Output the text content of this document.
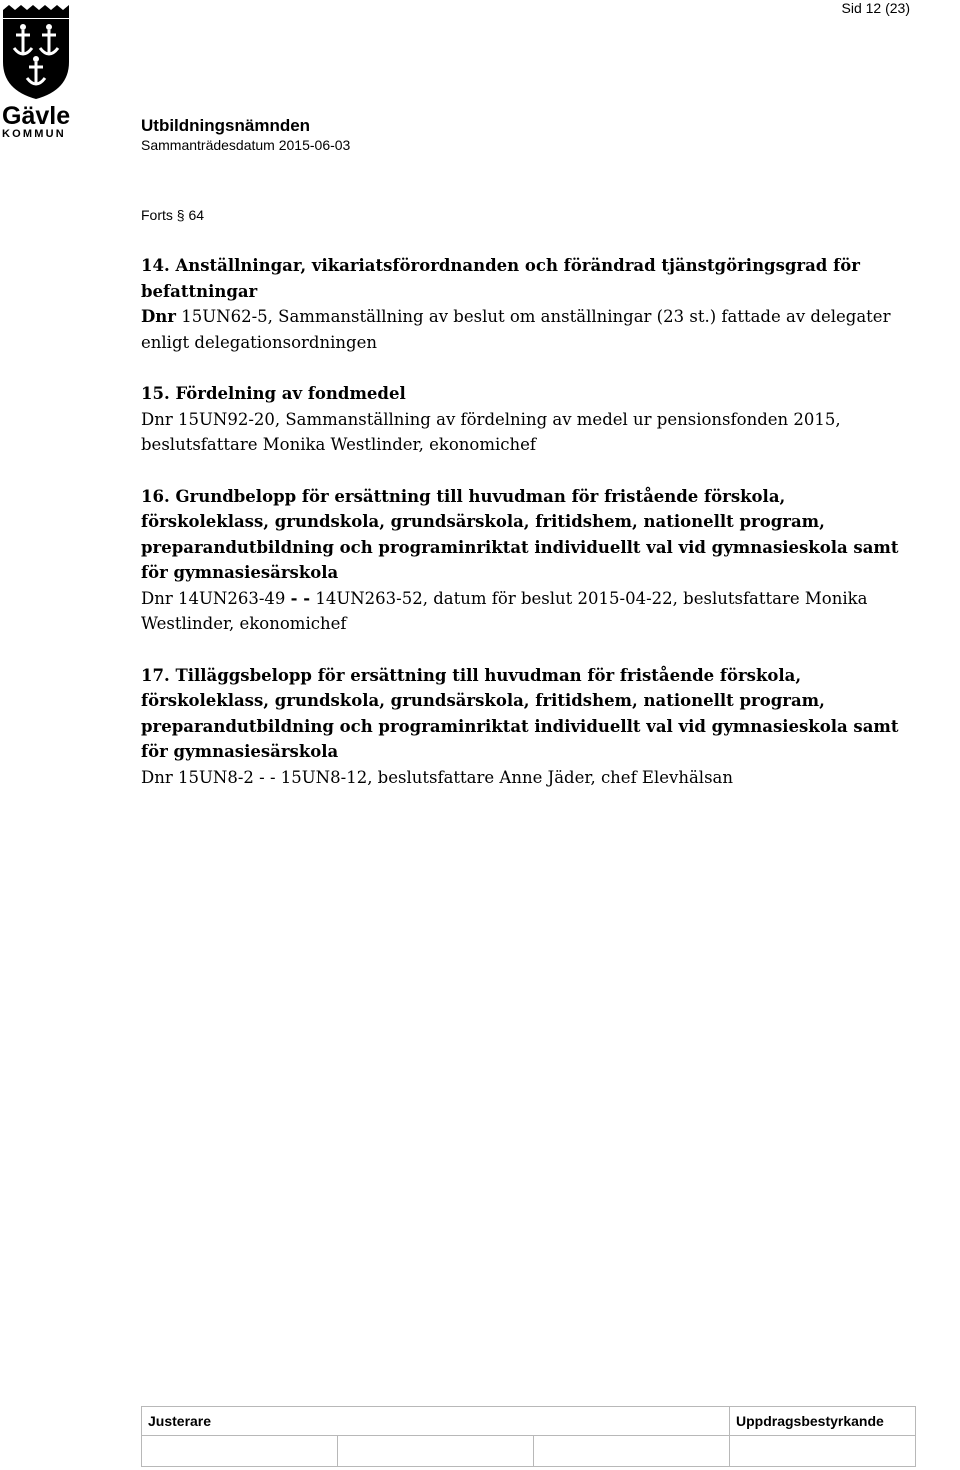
Sid 12 (23)
Gävle
KOMMUN	Utbildningsnämnden
Sammanträdesdatum 2015-06-03
Forts § 64
14. Anställningar, vikariatsförordnanden och förändrad tjänstgöringsgrad för befattningar
Dnr 15UN62-5, Sammanställning av beslut om anställningar (23 st.) fattade av delegater enligt delegationsordningen
15. Fördelning av fondmedel
Dnr 15UN92-20, Sammanställning av fördelning av medel ur pensionsfonden 2015, beslutsfattare Monika Westlinder, ekonomichef
16. Grundbelopp för ersättning till huvudman för fristående förskola, förskoleklass, grundskola, grundsärskola, fritidshem, nationellt program, preparandutbildning och programinriktat individuellt val vid gymnasieskola samt för gymnasiesärskola
Dnr 14UN263-49 - - 14UN263-52, datum för beslut 2015-04-22, beslutsfattare Monika Westlinder, ekonomichef
17. Tilläggsbelopp för ersättning till huvudman för fristående förskola, förskoleklass, grundskola, grundsärskola, fritidshem, nationellt program, preparandutbildning och programinriktat individuellt val vid gymnasieskola samt för gymnasiesärskola
Dnr 15UN8-2 - - 15UN8-12, beslutsfattare Anne Jäder, chef Elevhälsan
Justerare			Uppdragsbestyrkande
